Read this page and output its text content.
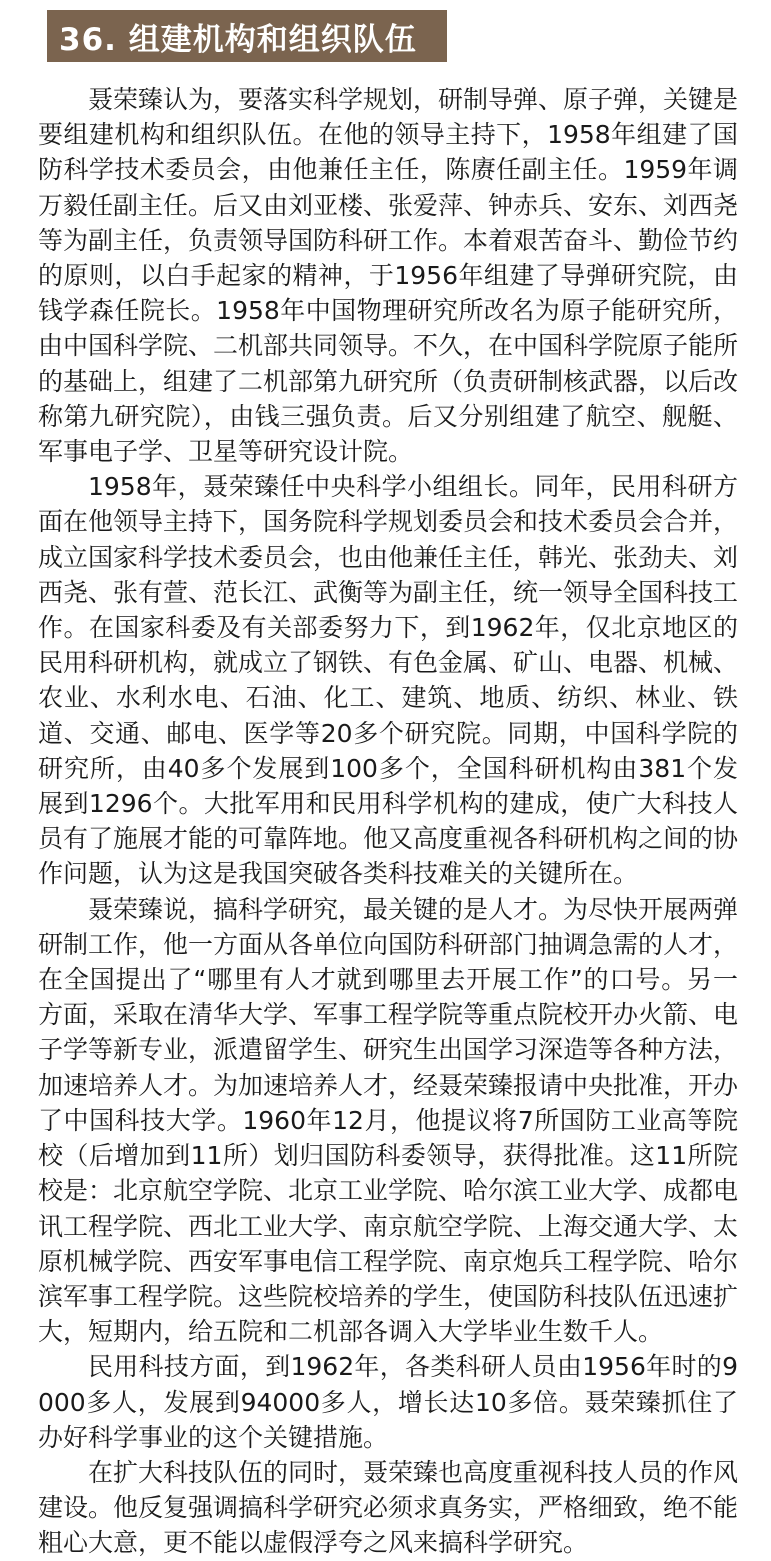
36. 组建机构和组织队伍

聂荣臻认为，要落实科学规划，研制导弹、原子弹，关键是要组建机构和组织队伍。在他的领导主持下，1958年组建了国防科学技术委员会，由他兼任主任，陈赓任副主任。1959年调万毅任副主任。后又由刘亚楼、张爱萍、钟赤兵、安东、刘西尧等为副主任，负责领导国防科研工作。本着艰苦奋斗、勤俭节约的原则，以白手起家的精神，于1956年组建了导弹研究院，由钱学森任院长。1958年中国物理研究所改名为原子能研究所，由中国科学院、二机部共同领导。不久，在中国科学院原子能所的基础上，组建了二机部第九研究所（负责研制核武器，以后改称第九研究院），由钱三强负责。后又分别组建了航空、舰艇、军事电子学、卫星等研究设计院。

1958年，聂荣臻任中央科学小组组长。同年，民用科研方面在他领导主持下，国务院科学规划委员会和技术委员会合并，成立国家科学技术委员会，也由他兼任主任，韩光、张劲夫、刘西尧、张有萱、范长江、武衡等为副主任，统一领导全国科技工作。在国家科委及有关部委努力下，到1962年，仅北京地区的民用科研机构，就成立了钢铁、有色金属、矿山、电器、机械、农业、水利水电、石油、化工、建筑、地质、纺织、林业、铁道、交通、邮电、医学等20多个研究院。同期，中国科学院的研究所，由40多个发展到100多个，全国科研机构由381个发展到1296个。大批军用和民用科学机构的建成，使广大科技人员有了施展才能的可靠阵地。他又高度重视各科研机构之间的协作问题，认为这是我国突破各类科技难关的关键所在。

聂荣臻说，搞科学研究，最关键的是人才。为尽快开展两弹研制工作，他一方面从各单位向国防科研部门抽调急需的人才，在全国提出了“哪里有人才就到哪里去开展工作”的口号。另一方面，采取在清华大学、军事工程学院等重点院校开办火箭、电子学等新专业，派遣留学生、研究生出国学习深造等各种方法，加速培养人才。为加速培养人才，经聂荣臻报请中央批准，开办了中国科技大学。1960年12月，他提议将7所国防工业高等院校（后增加到11所）划归国防科委领导，获得批准。这11所院校是：北京航空学院、北京工业学院、哈尔滨工业大学、成都电讯工程学院、西北工业大学、南京航空学院、上海交通大学、太原机械学院、西安军事电信工程学院、南京炮兵工程学院、哈尔滨军事工程学院。这些院校培养的学生，使国防科技队伍迅速扩大，短期内，给五院和二机部各调入大学毕业生数千人。

民用科技方面，到1962年，各类科研人员由1956年时的9000多人，发展到94000多人，增长达10多倍。聂荣臻抓住了办好科学事业的这个关键措施。

在扩大科技队伍的同时，聂荣臻也高度重视科技人员的作风建设。他反复强调搞科学研究必须求真务实，严格细致，绝不能粗心大意，更不能以虚假浮夸之风来搞科学研究。
